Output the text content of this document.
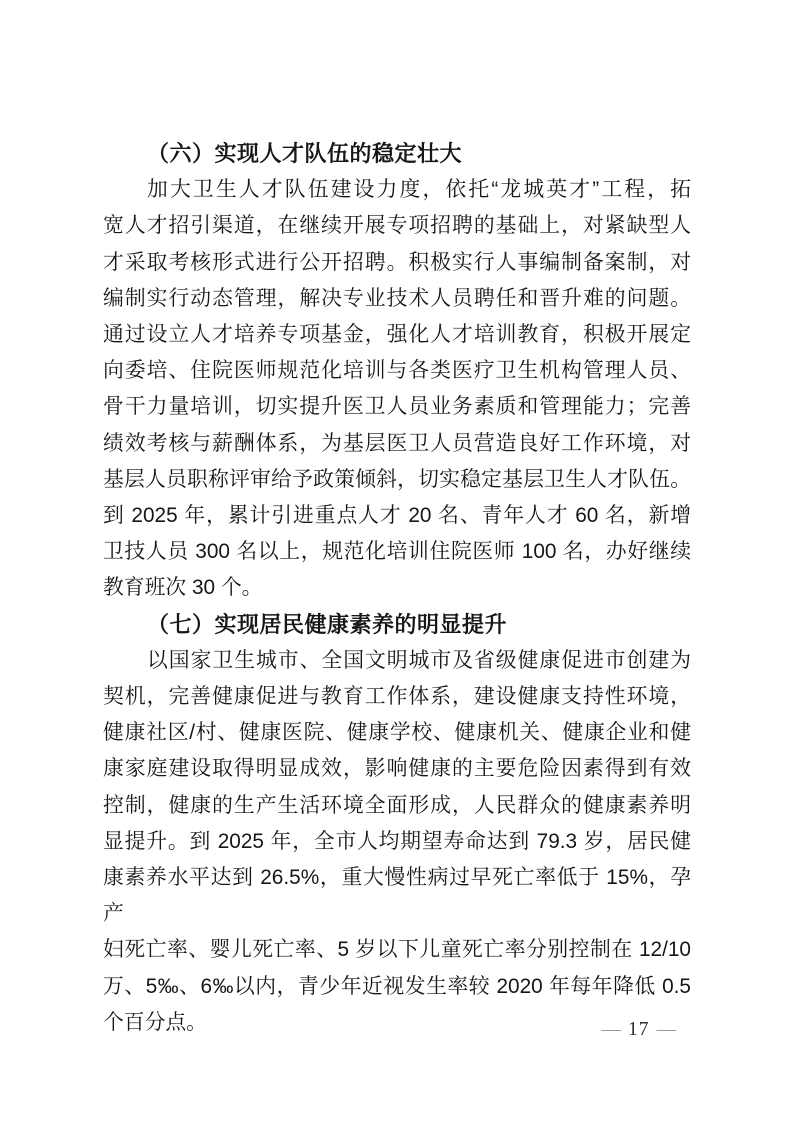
（六）实现人才队伍的稳定壮大
加大卫生人才队伍建设力度，依托“龙城英才”工程，拓
宽人才招引渠道，在继续开展专项招聘的基础上，对紧缺型人
才采取考核形式进行公开招聘。积极实行人事编制备案制，对
编制实行动态管理，解决专业技术人员聘任和晋升难的问题。
通过设立人才培养专项基金，强化人才培训教育，积极开展定
向委培、住院医师规范化培训与各类医疗卫生机构管理人员、
骨干力量培训，切实提升医卫人员业务素质和管理能力；完善
绩效考核与薪酬体系，为基层医卫人员营造良好工作环境，对
基层人员职称评审给予政策倾斜，切实稳定基层卫生人才队伍。
到 2025 年，累计引进重点人才 20 名、青年人才 60 名，新增
卫技人员 300 名以上，规范化培训住院医师 100 名，办好继续
教育班次 30 个。
（七）实现居民健康素养的明显提升
以国家卫生城市、全国文明城市及省级健康促进市创建为
契机，完善健康促进与教育工作体系，建设健康支持性环境，
健康社区/村、健康医院、健康学校、健康机关、健康企业和健
康家庭建设取得明显成效，影响健康的主要危险因素得到有效
控制，健康的生产生活环境全面形成，人民群众的健康素养明
显提升。到 2025 年，全市人均期望寿命达到 79.3 岁，居民健
康素养水平达到 26.5%，重大慢性病过早死亡率低于 15%，孕产
妇死亡率、婴儿死亡率、5 岁以下儿童死亡率分别控制在 12/10
万、5‰、6‰以内，青少年近视发生率较 2020 年每年降低 0.5
个百分点。	— 17 —
